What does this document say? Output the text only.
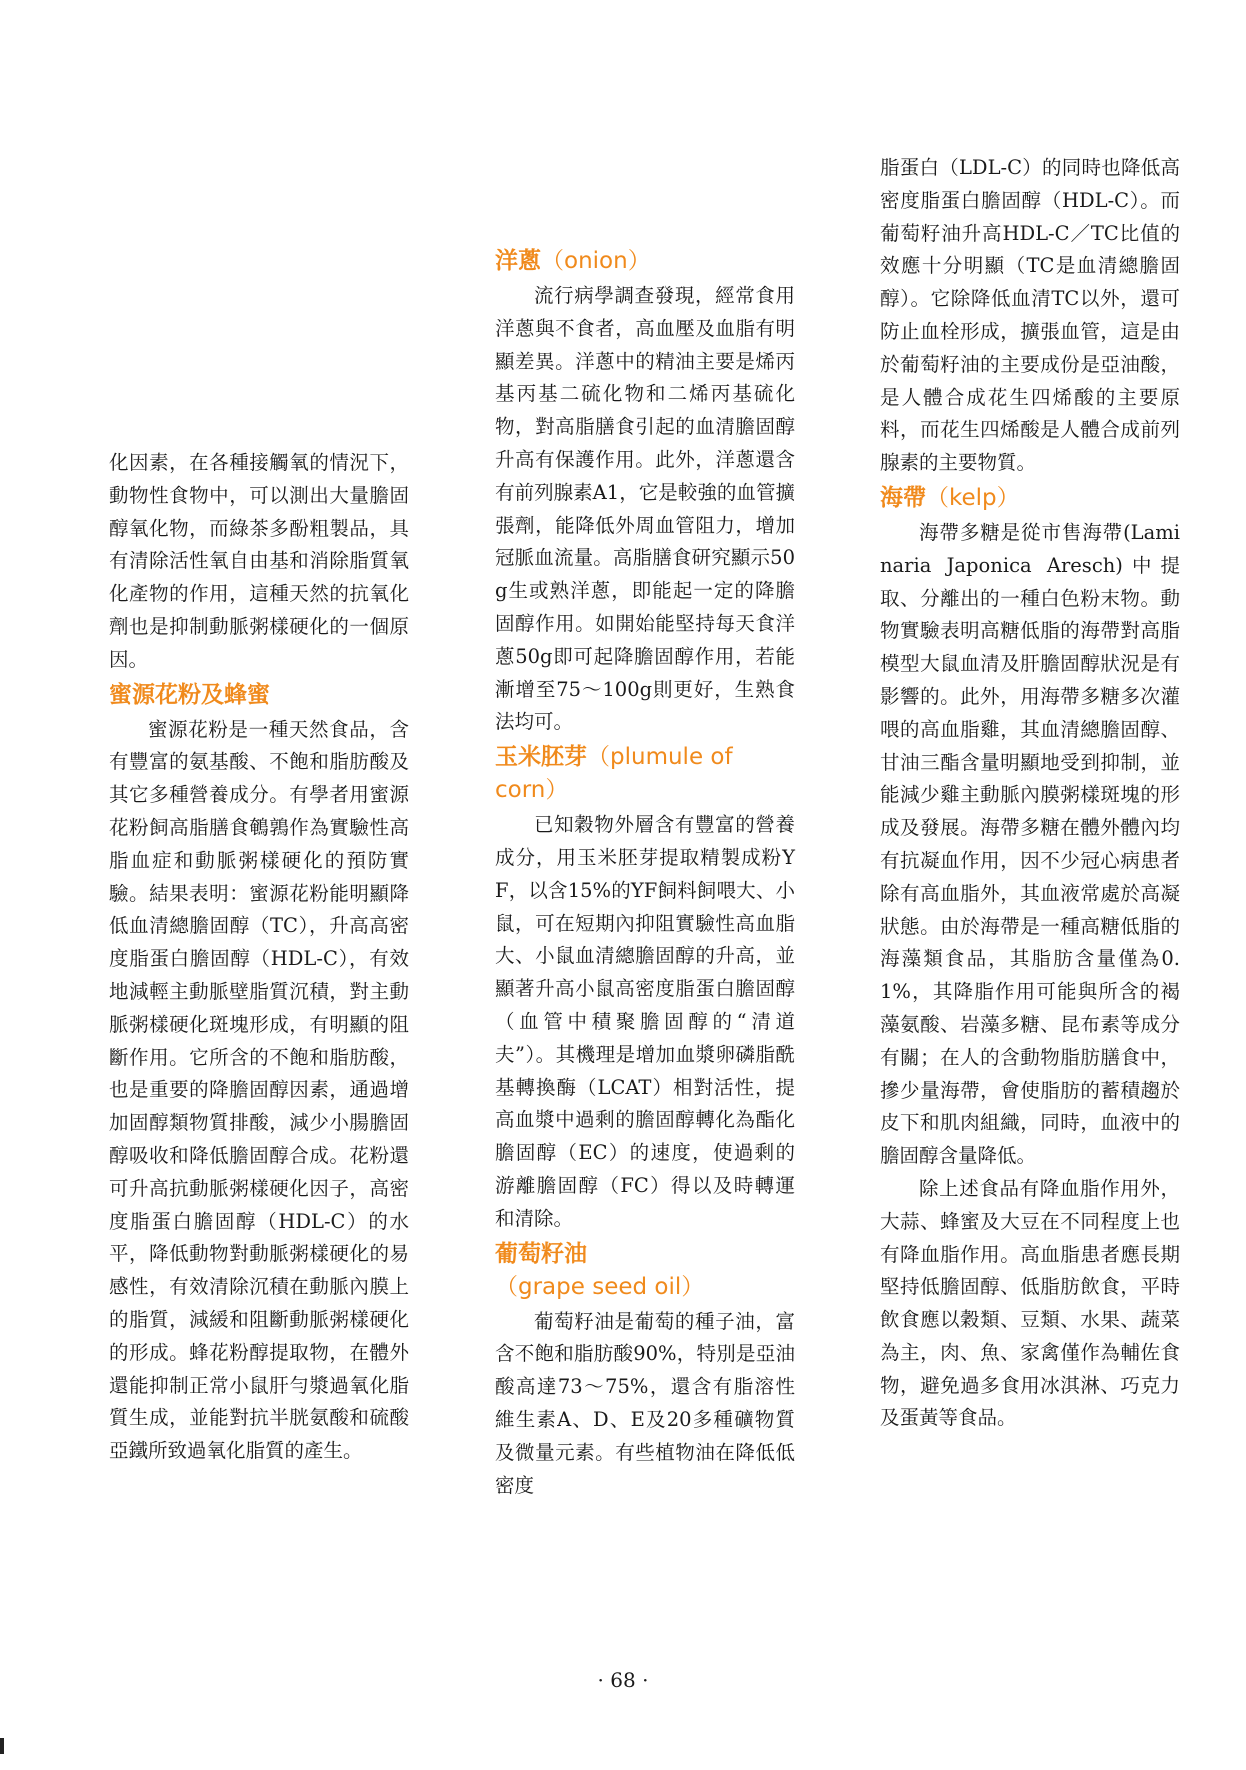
化因素，在各種接觸氧的情況下，動物性食物中，可以測出大量膽固醇氧化物，而綠茶多酚粗製品，具有清除活性氧自由基和消除脂質氧化產物的作用，這種天然的抗氧化劑也是抑制動脈粥樣硬化的一個原因。

蜜源花粉及蜂蜜

蜜源花粉是一種天然食品，含有豐富的氨基酸、不飽和脂肪酸及其它多種營養成分。有學者用蜜源花粉飼高脂膳食鵪鶉作為實驗性高脂血症和動脈粥樣硬化的預防實驗。結果表明：蜜源花粉能明顯降低血清總膽固醇（TC），升高高密度脂蛋白膽固醇（HDL-C），有效地減輕主動脈壁脂質沉積，對主動脈粥樣硬化斑塊形成，有明顯的阻斷作用。它所含的不飽和脂肪酸，也是重要的降膽固醇因素，通過增加固醇類物質排酸，減少小腸膽固醇吸收和降低膽固醇合成。花粉還可升高抗動脈粥樣硬化因子，高密度脂蛋白膽固醇（HDL-C）的水平，降低動物對動脈粥樣硬化的易感性，有效清除沉積在動脈內膜上的脂質，減緩和阻斷動脈粥樣硬化的形成。蜂花粉醇提取物，在體外還能抑制正常小鼠肝勻漿過氧化脂質生成，並能對抗半胱氨酸和硫酸亞鐵所致過氧化脂質的產生。

洋蔥（onion）

流行病學調查發現，經常食用洋蔥與不食者，高血壓及血脂有明顯差異。洋蔥中的精油主要是烯丙基丙基二硫化物和二烯丙基硫化物，對高脂膳食引起的血清膽固醇升高有保護作用。此外，洋蔥還含有前列腺素A1，它是較強的血管擴張劑，能降低外周血管阻力，增加冠脈血流量。高脂膳食研究顯示50g生或熟洋蔥，即能起一定的降膽固醇作用。如開始能堅持每天食洋蔥50g即可起降膽固醇作用，若能漸增至75～100g則更好，生熟食法均可。

玉米胚芽（plumule of corn）

已知穀物外層含有豐富的營養成分，用玉米胚芽提取精製成粉YF，以含15%的YF飼料飼喂大、小鼠，可在短期內抑阻實驗性高血脂大、小鼠血清總膽固醇的升高，並顯著升高小鼠高密度脂蛋白膽固醇（血管中積聚膽固醇的“清道夫”）。其機理是增加血漿卵磷脂酰基轉換酶（LCAT）相對活性，提高血漿中過剩的膽固醇轉化為酯化膽固醇（EC）的速度，使過剩的游離膽固醇（FC）得以及時轉運和清除。

葡萄籽油（grape seed oil）

葡萄籽油是葡萄的種子油，富含不飽和脂肪酸90%，特別是亞油酸高達73～75%，還含有脂溶性維生素A、D、E及20多種礦物質及微量元素。有些植物油在降低低密度

脂蛋白（LDL-C）的同時也降低高密度脂蛋白膽固醇（HDL-C）。而葡萄籽油升高HDL-C／TC比值的效應十分明顯（TC是血清總膽固醇）。它除降低血清TC以外，還可防止血栓形成，擴張血管，這是由於葡萄籽油的主要成份是亞油酸，是人體合成花生四烯酸的主要原料，而花生四烯酸是人體合成前列腺素的主要物質。

海帶（kelp）

海帶多糖是從市售海帶(Laminaria Japonica Aresch)中提取、分離出的一種白色粉末物。動物實驗表明高糖低脂的海帶對高脂模型大鼠血清及肝膽固醇狀況是有影響的。此外，用海帶多糖多次灌喂的高血脂雞，其血清總膽固醇、甘油三酯含量明顯地受到抑制，並能減少雞主動脈內膜粥樣斑塊的形成及發展。海帶多糖在體外體內均有抗凝血作用，因不少冠心病患者除有高血脂外，其血液常處於高凝狀態。由於海帶是一種高糖低脂的海藻類食品，其脂肪含量僅為0.1%，其降脂作用可能與所含的褐藻氨酸、岩藻多糖、昆布素等成分有關；在人的含動物脂肪膳食中，摻少量海帶，會使脂肪的蓄積趨於皮下和肌肉組織，同時，血液中的膽固醇含量降低。

除上述食品有降血脂作用外，大蒜、蜂蜜及大豆在不同程度上也有降血脂作用。高血脂患者應長期堅持低膽固醇、低脂肪飲食，平時飲食應以穀類、豆類、水果、蔬菜為主，肉、魚、家禽僅作為輔佐食物，避免過多食用冰淇淋、巧克力及蛋黃等食品。

· 68 ·
